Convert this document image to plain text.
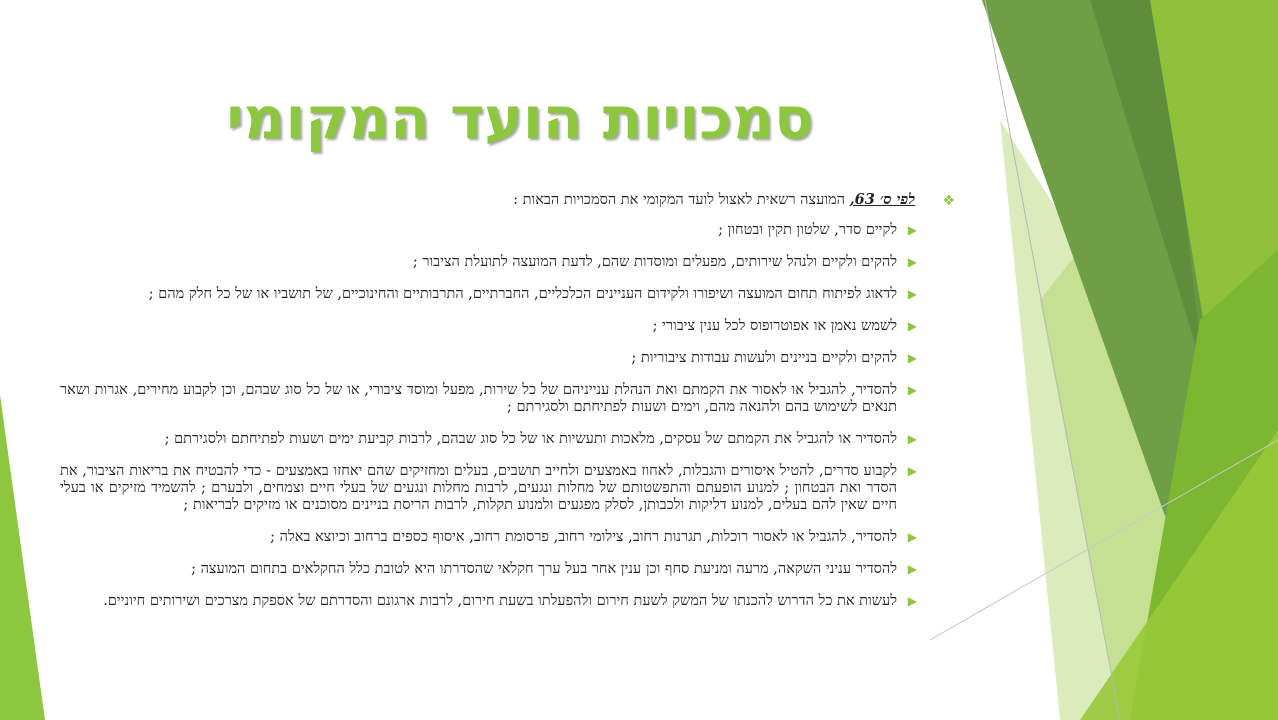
סמכויות הועד המקומי

❖
לפי ס׳ 63, המועצה רשאית לאצול לועד המקומי את הסמכויות הבאות :

▶
לקיים סדר, שלטון תקין ובטחון ;
▶
להקים ולקיים ולנהל שירותים, מפעלים ומוסדות שהם, לדעת המועצה לתועלת הציבור ;
▶
לדאוג לפיתוח תחום המועצה ושיפורו ולקידום העניינים הכלכליים, החברתיים, התרבותיים והחינוכיים, של תושביו או של כל חלק מהם ;
▶
לשמש נאמן או אפוטרופוס לכל ענין ציבורי ;
▶
להקים ולקיים בניינים ולעשות עבודות ציבוריות ;
▶
להסדיר, להגביל או לאסור את הקמתם ואת הנהלת ענייניהם של כל שירות, מפעל ומוסד ציבורי, או של כל סוג שבהם, וכן לקבוע מחירים, אגרות ושאר תנאים לשימוש בהם ולהנאה מהם, וימים ושעות לפתיחתם ולסגירתם ;
▶
להסדיר או להגביל את הקמתם של עסקים, מלאכות ותעשיות או של כל סוג שבהם, לרבות קביעת ימים ושעות לפתיחתם ולסגירתם ;
▶
לקבוע סדרים, להטיל איסורים והגבלות, לאחוז באמצעים ולחייב תושבים, בעלים ומחזיקים שהם יאחזו באמצעים - כדי להבטיח את בריאות הציבור, את הסדר ואת הבטחון ; למנוע הופעתם והתפשטותם של מחלות ונגעים, לרבות מחלות ונגעים של בעלי חיים וצמחים, ולבערם ; להשמיד מזיקים או בעלי חיים שאין להם בעלים, למנוע דליקות ולכבותן, לסלק מפגעים ולמנוע תקלות, לרבות הריסת בניינים מסוכנים או מזיקים לבריאות ;
▶
להסדיר, להגביל או לאסור רוכלות, תגרנות רחוב, צילומי רחוב, פרסומת רחוב, איסוף כספים ברחוב וכיוצא באלה ;
▶
להסדיר עניני השקאה, מרעה ומניעת סחף וכן ענין אחר בעל ערך חקלאי שהסדרתו היא לטובת כלל החקלאים בתחום המועצה ;
▶
לעשות את כל הדרוש להכנתו של המשק לשעת חירום ולהפעלתו בשעת חירום, לרבות ארגונם והסדרתם של אספקת מצרכים ושירותים חיוניים.
